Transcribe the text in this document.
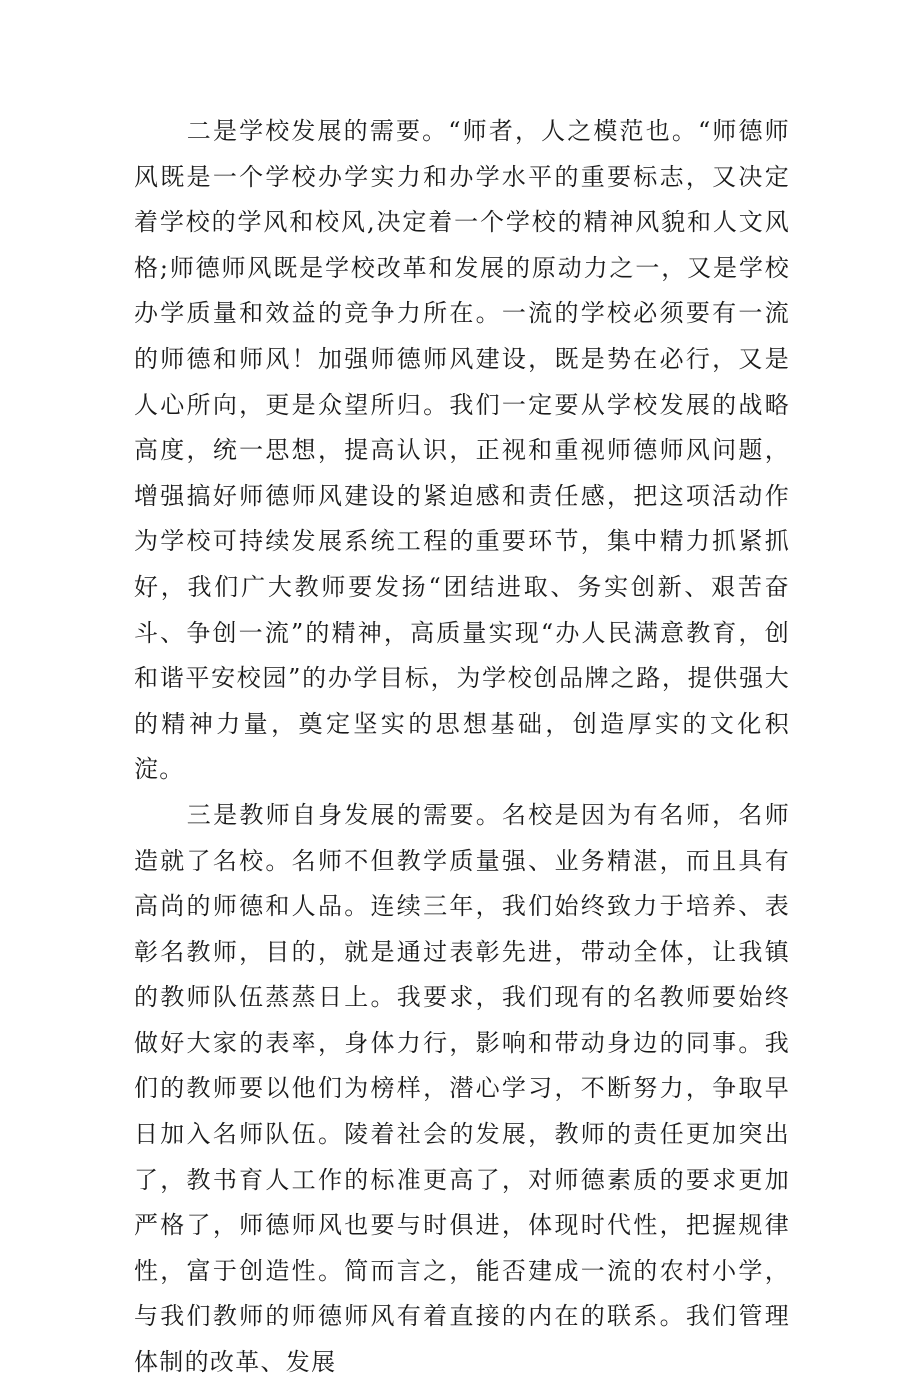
二是学校发展的需要。“师者，人之模范也。“师德师风既是一个学校办学实力和办学水平的重要标志，又决定着学校的学风和校风,决定着一个学校的精神风貌和人文风格;师德师风既是学校改革和发展的原动力之一，又是学校办学质量和效益的竞争力所在。一流的学校必须要有一流的师德和师风！加强师德师风建设，既是势在必行，又是人心所向，更是众望所归。我们一定要从学校发展的战略高度，统一思想，提高认识，正视和重视师德师风问题，增强搞好师德师风建设的紧迫感和责任感，把这项活动作为学校可持续发展系统工程的重要环节，集中精力抓紧抓好，我们广大教师要发扬“团结进取、务实创新、艰苦奋斗、争创一流”的精神，高质量实现“办人民满意教育，创和谐平安校园”的办学目标，为学校创品牌之路，提供强大的精神力量，奠定坚实的思想基础，创造厚实的文化积淀。

三是教师自身发展的需要。名校是因为有名师，名师造就了名校。名师不但教学质量强、业务精湛，而且具有高尚的师德和人品。连续三年，我们始终致力于培养、表彰名教师，目的，就是通过表彰先进，带动全体，让我镇的教师队伍蒸蒸日上。我要求，我们现有的名教师要始终做好大家的表率，身体力行，影响和带动身边的同事。我们的教师要以他们为榜样，潜心学习，不断努力，争取早日加入名师队伍。陵着社会的发展，教师的责任更加突出了，教书育人工作的标准更高了，对师德素质的要求更加严格了，师德师风也要与时俱进，体现时代性，把握规律性，富于创造性。简而言之，能否建成一流的农村小学，与我们教师的师德师风有着直接的内在的联系。我们管理体制的改革、发展
